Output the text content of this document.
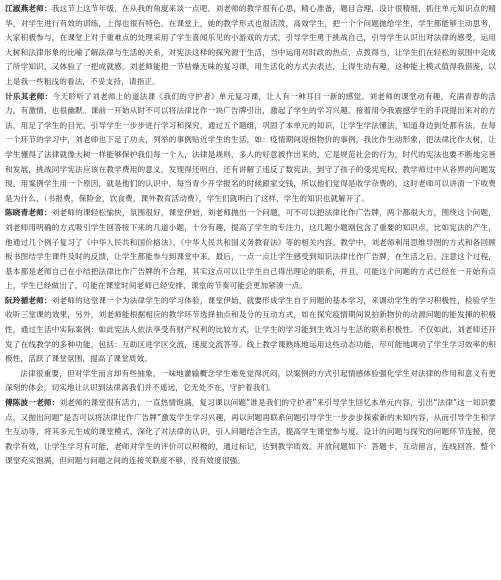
江淑燕老师：我这节上这节年级，在从我的角度来谈一点吧。刘老师的教学很有心思，精心准备，题目合理，设计很精细，抓住单元知识点的精华，对学生进行有效的训练，上得也很有特色。在课堂上，她的教学形式也很活泼，高效学生，把一个个问题抛给学生，学生都能够主动思考，大家积极参与，在课堂上对于重难点的处理采用了学生喜闻乐见的小游戏的方式，引导学生勇于挑战自己，引导学生认识出对法律的感受，运用大树和法律形象的比喻了解法律与生活的关系，对宪法这样的探究源于生活，当中运用对时政的热点，点拨得当，让学生们在轻松的氛围中完成了所学知识，又体验了一把成就感。刘老师能把一节枯燥无味的复习课，用生活化的方式去表达，上得生动有趣，这种能上模式值得我借鉴，以上是我一些粗浅的看法，不妥支持，请指正。

计乐其老师：今天聆听了刘老师上的道法课《我们的守护者》单元复习课，让人有一种耳目一新的感觉。刘老师的课堂动有趣，充满青春的活力，有激情，也很幽默。课前一开始从时不可以将法律比作一块广告牌引出，激起了学生的学习兴趣。接着用令我震撼学生的手段提出来对的方法，用足了学生的目光，引导学生一步步进行学习和探究，通过五个题组，巩固了本单元的知识，让学生学法懂法，知道身边到处都有法，在每一个环节的学习中，刘老师也下足了功夫，列举的事例贴近学生的生活，如：疫情期间说抱物价的事例，我比作生动形象，把法律比作大树，让学生懂得了法律就像大树一样能够保护我们每一个人，法律是规则，多人的好意被作出来的，它是规范社会的行为，时代的宪法也要不断地完善和发展，挑战同学宪法应该在教学费用的意义，发现得还明白，还有讲解了违反了数宪法，到守了孩子的受宪宪权，教学师过中从各界的问题发现，用案例学生用一个原因，就是他们的认识中，每当青少开学报名的时候跟家交钱，所以他们觉得是收学杂费的，这时老师可以讲清一下收费是为什么，（书报费，保险金，饮食费，课外教育活动费），学生们就明白了这样，学生的知识也就解开了。

陈晓青老师：刘老师的课轻松愉快，氛围很好，课堂伊始，刘老师抛出一个问题，可不可以把法律比作广告牌，两个都很大方，围绕这个问题，刘老师用明确的方式吸引学生回答接下来的几道小题，十分有趣，提高了学生的专注力，这几题小题刚包含了重要的知识点，比如宪法的产生，他通过几个例子复习了《中华人民共和国价格法》、《中华人民共和国义务教育法》等的相关内容。教学中，刘老师利用思维导图的方式和各回顾板书图结学生课件及时的反馈，让学生都能参与到课堂中来。最后，一点一点让学生感受到知识法律比作广告牌，在生活之后，注意这个过程，基本都是老师自己在小结把法律比作广告牌的不合理，其实这点可以让学生自己得出理论的联系，并且，可能这个问题的方式已经在一开始有点上，学生已经做出了，可能在课堂时间老师已经安排，课堂的节奏可能会更加紧凑一点。

阮玲循老师：刘老师的这堂课一个为法律学生的学习体验，课堂伊始，就要形成学生自于问题的基本学习，来调动学生的学习积极性，检验学生收听三堂课的效果，另外，刘老师能根据相应的教学环节选择抽点和及分的互动方式，如在探究疫情期间说拍新物价的动源问题的能发揮的积极性，通过生活中实际案例：如此宪法人依法享受有财产权利的比较方式，让学生的学习能到生效习与生活的联系积极性。不仅如此，刘老师还开发了在线教学的多种功能，包括：互助区进学区交流，速度交流答等。线上教学课熟练地运用这些动态功能，尽可能地调动了学生学习效率的积极性，活跃了课堂氛围，提高了课堂质效。

法律很重要，但对学生而言却有些抽象，一味地灌输概念学生难免觉得沉闷，以案例的方式引起情感体验强化学生对法律的作用和意义有更深刻的体会，切实地让认识到法律离我们并不遥远，它无处不在，守护着我们。

傅陈波一老师：刘老师的课堂很有活力，一直热情饱满，复习课以问题“谁是我们的守护者”来引导学生回忆本单元内容，引出“法律”这一知识要点，又抛出问题“是否可以将法律比作广告牌”激发学生学习兴趣，再以问题再联系问题引导学生一步步步探索新的未知内容，从而引导学生和学生互动等，将其多元生成的课堂模式，深化了对法律的认识，引入问题结合生活，提高学生课堂参与度。设计的问题与探究的问题环节连接，使教学有效，让学生学习有可能，老师对学生的评价可以积极的，通过标记，达到教学质效。开放问题如下：答题卡，互动留言，连线回答。整个课堂充实饱满，但问题与问题之间的连接关联度不够，没有效度很强。
